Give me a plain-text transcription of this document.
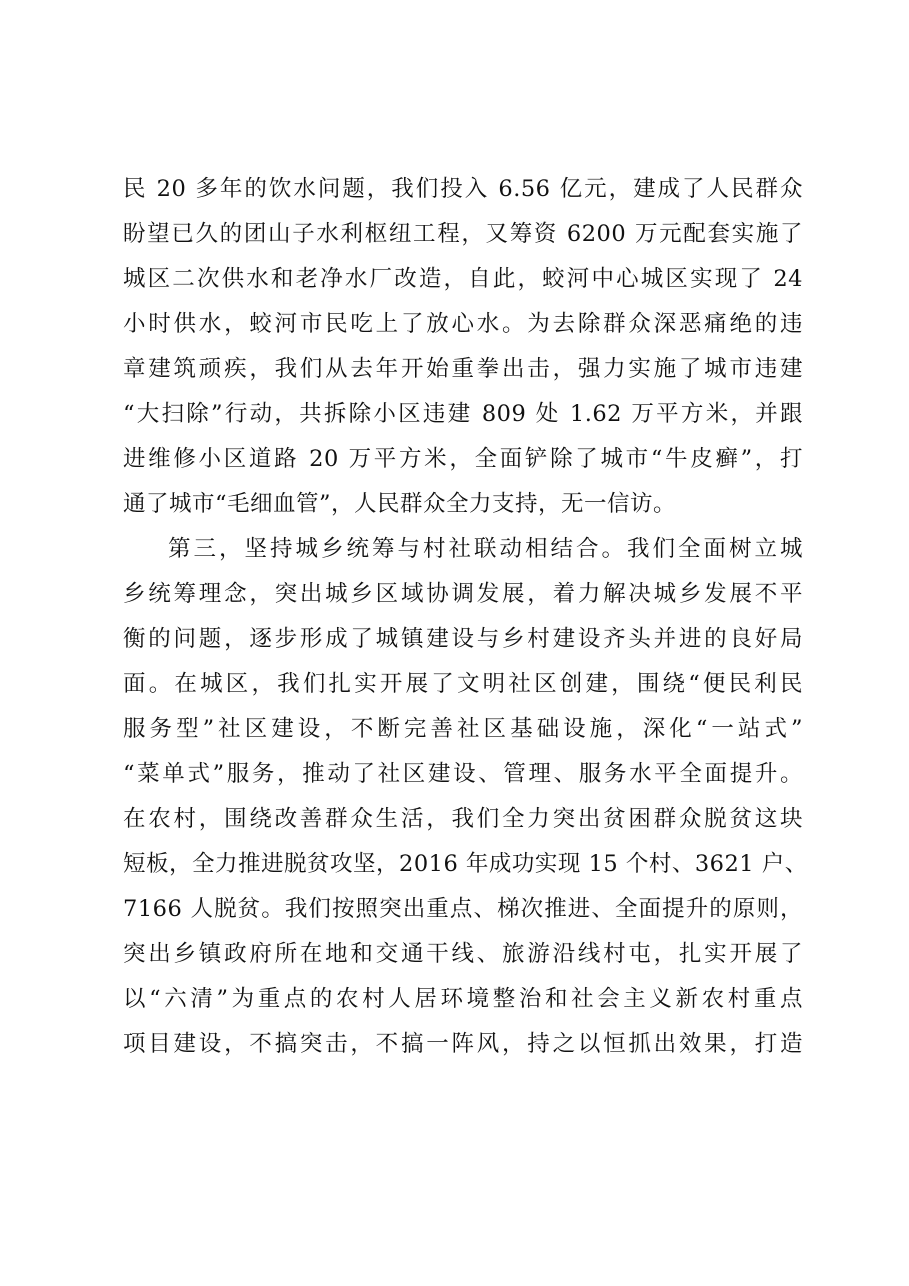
民 20 多年的饮水问题，我们投入 6.56 亿元，建成了人民群众
盼望已久的团山子水利枢纽工程，又筹资 6200 万元配套实施了
城区二次供水和老净水厂改造，自此，蛟河中心城区实现了 24
小时供水，蛟河市民吃上了放心水。为去除群众深恶痛绝的违
章建筑顽疾，我们从去年开始重拳出击，强力实施了城市违建
“大扫除”行动，共拆除小区违建 809 处 1.62 万平方米，并跟
进维修小区道路 20 万平方米，全面铲除了城市“牛皮癣”，打
通了城市“毛细血管”，人民群众全力支持，无一信访。
第三，坚持城乡统筹与村社联动相结合。我们全面树立城
乡统筹理念，突出城乡区域协调发展，着力解决城乡发展不平
衡的问题，逐步形成了城镇建设与乡村建设齐头并进的良好局
面。在城区，我们扎实开展了文明社区创建，围绕“便民利民
服务型”社区建设，不断完善社区基础设施，深化“一站式”
“菜单式”服务，推动了社区建设、管理、服务水平全面提升。
在农村，围绕改善群众生活，我们全力突出贫困群众脱贫这块
短板，全力推进脱贫攻坚，2016 年成功实现 15 个村、3621 户、
7166 人脱贫。我们按照突出重点、梯次推进、全面提升的原则，
突出乡镇政府所在地和交通干线、旅游沿线村屯，扎实开展了
以“六清”为重点的农村人居环境整治和社会主义新农村重点
项目建设，不搞突击，不搞一阵风，持之以恒抓出效果，打造
